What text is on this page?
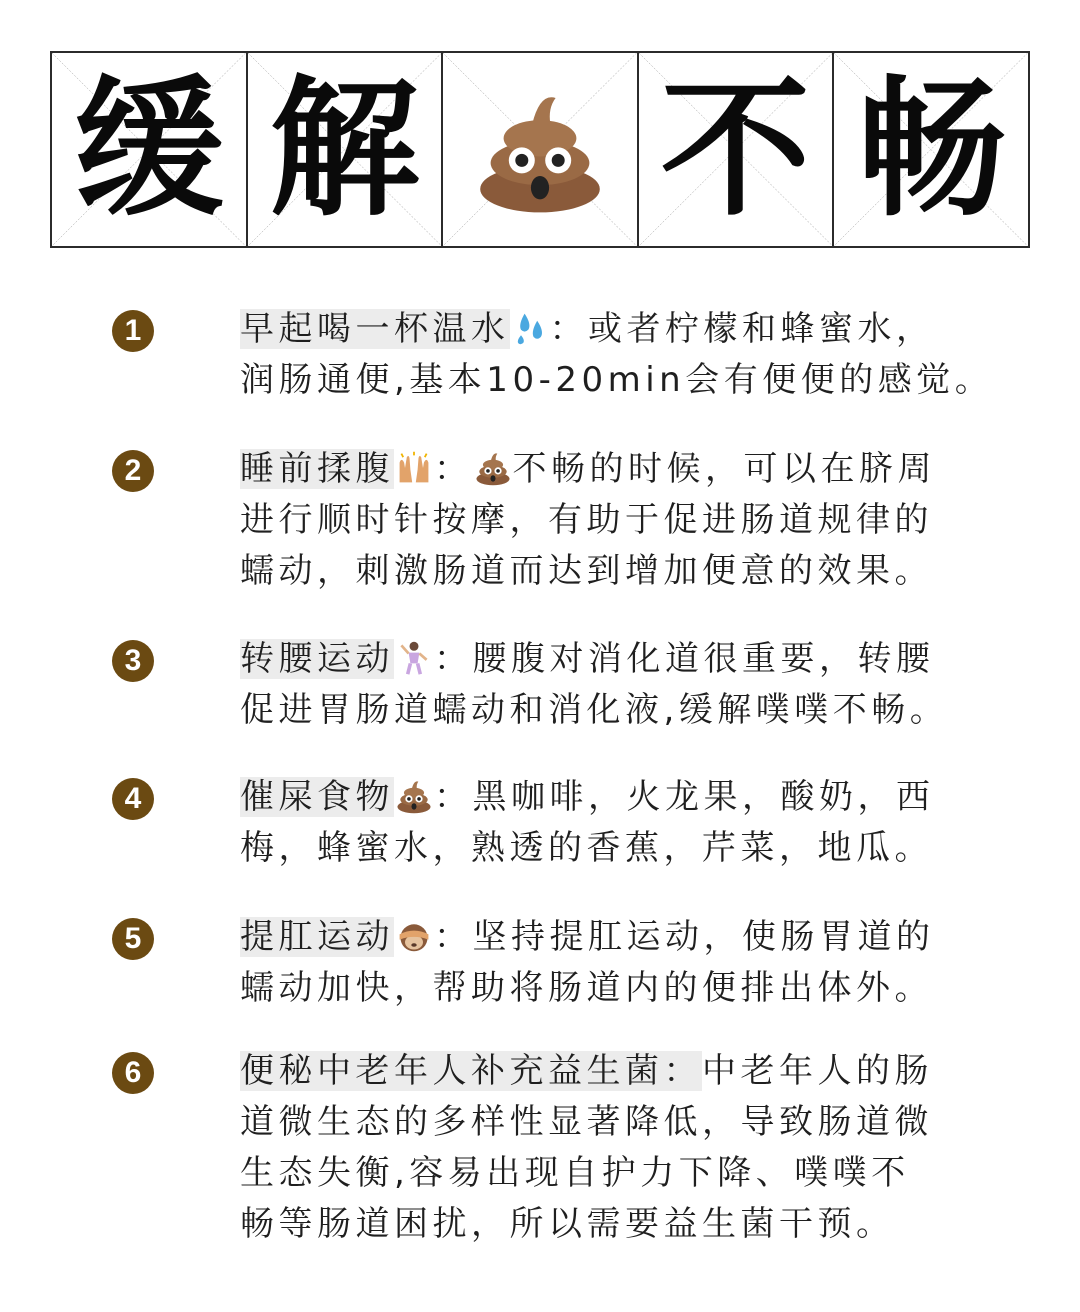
缓 解 不 畅
1	早起喝一杯温水 ：或者柠檬和蜂蜜水，
润肠通便,基本10-20min会有便便的感觉。
2	睡前揉腹 ： 不畅的时候，可以在脐周
进行顺时针按摩，有助于促进肠道规律的
蠕动，刺激肠道而达到增加便意的效果。
3	转腰运动 ：腰腹对消化道很重要，转腰
促进胃肠道蠕动和消化液,缓解噗噗不畅。
4	催屎食物 ：黑咖啡，火龙果，酸奶，西
梅，蜂蜜水，熟透的香蕉，芹菜，地瓜。
5	提肛运动 ：坚持提肛运动，使肠胃道的
蠕动加快，帮助将肠道内的便排出体外。
6	便秘中老年人补充益生菌：中老年人的肠
道微生态的多样性显著降低，导致肠道微
生态失衡,容易出现自护力下降、噗噗不
畅等肠道困扰，所以需要益生菌干预。
